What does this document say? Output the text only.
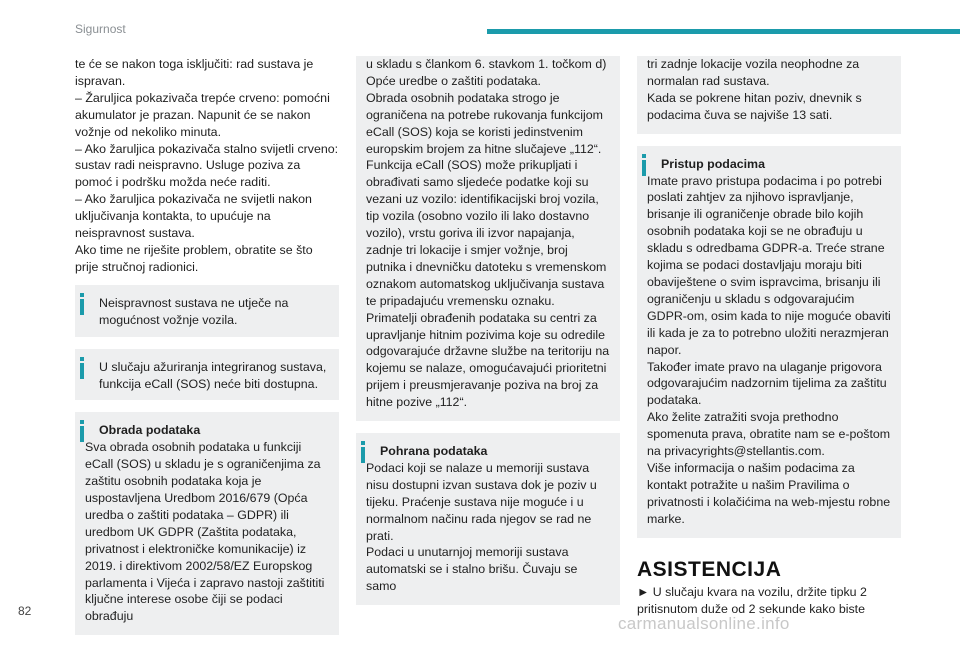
Sigurnost

te će se nakon toga isključiti: rad sustava je ispravan.

– Žaruljica pokazivača trepće crveno: pomoćni akumulator je prazan. Napunit će se nakon vožnje od nekoliko minuta.

– Ako žaruljica pokazivača stalno svijetli crveno: sustav radi neispravno. Usluge poziva za pomoć i podršku možda neće raditi.

– Ako žaruljica pokazivača ne svijetli nakon uključivanja kontakta, to upućuje na neispravnost sustava.

Ako time ne riješite problem, obratite se što prije stručnoj radionici.

Neispravnost sustava ne utječe na mogućnost vožnje vozila.

U slučaju ažuriranja integriranog sustava, funkcija eCall (SOS) neće biti dostupna.

Obrada podataka

Sva obrada osobnih podataka u funkciji eCall (SOS) u skladu je s ograničenjima za zaštitu osobnih podataka koja je uspostavljena Uredbom 2016/679 (Opća uredba o zaštiti podataka – GDPR) ili uredbom UK GDPR (Zaštita podataka, privatnost i elektroničke komunikacije) iz 2019. i direktivom 2002/58/EZ Europskog parlamenta i Vijeća i zapravo nastoji zaštititi ključne interese osobe čiji se podaci obrađuju

u skladu s člankom 6. stavkom 1. točkom d) Opće uredbe o zaštiti podataka.

Obrada osobnih podataka strogo je ograničena na potrebe rukovanja funkcijom eCall (SOS) koja se koristi jedinstvenim europskim brojem za hitne slučajeve „112“.

Funkcija eCall (SOS) može prikupljati i obrađivati samo sljedeće podatke koji su vezani uz vozilo: identifikacijski broj vozila, tip vozila (osobno vozilo ili lako dostavno vozilo), vrstu goriva ili izvor napajanja, zadnje tri lokacije i smjer vožnje, broj putnika i dnevničku datoteku s vremenskom oznakom automatskog uključivanja sustava te pripadajuću vremensku oznaku.

Primatelji obrađenih podataka su centri za upravljanje hitnim pozivima koje su odredile odgovarajuće državne službe na teritoriju na kojemu se nalaze, omogućavajući prioritetni prijem i preusmjeravanje poziva na broj za hitne pozive „112“.

Pohrana podataka

Podaci koji se nalaze u memoriji sustava nisu dostupni izvan sustava dok je poziv u tijeku. Praćenje sustava nije moguće i u normalnom načinu rada njegov se rad ne prati.

Podaci u unutarnjoj memoriji sustava automatski se i stalno brišu. Čuvaju se samo

tri zadnje lokacije vozila neophodne za normalan rad sustava.

Kada se pokrene hitan poziv, dnevnik s podacima čuva se najviše 13 sati.

Pristup podacima

Imate pravo pristupa podacima i po potrebi poslati zahtjev za njihovo ispravljanje, brisanje ili ograničenje obrade bilo kojih osobnih podataka koji se ne obrađuju u skladu s odredbama GDPR-a. Treće strane kojima se podaci dostavljaju moraju biti obaviještene o svim ispravcima, brisanju ili ograničenju u skladu s odgovarajućim GDPR-om, osim kada to nije moguće obaviti ili kada je za to potrebno uložiti nerazmjeran napor.

Također imate pravo na ulaganje prigovora odgovarajućim nadzornim tijelima za zaštitu podataka.

Ako želite zatražiti svoja prethodno spomenuta prava, obratite nam se e-poštom na privacyrights@stellantis.com.

Više informacija o našim podacima za kontakt potražite u našim Pravilima o privatnosti i kolačićima na web-mjestu robne marke.

ASISTENCIJA

► U slučaju kvara na vozilu, držite tipku 2 pritisnutom duže od 2 sekunde kako biste

82
carmanualsonline.info
